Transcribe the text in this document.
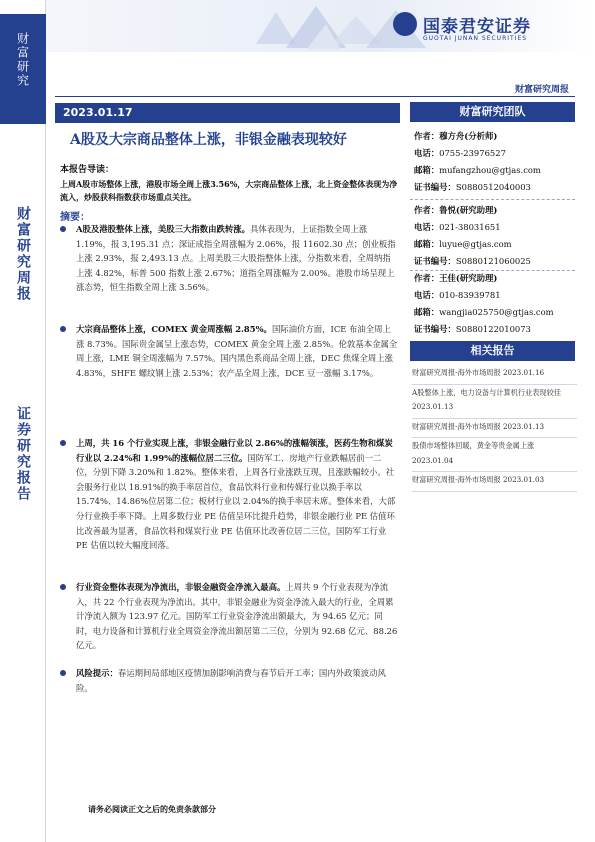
财富研究
财富研究周报
证券研究报告
国泰君安证券
GUOTAI JUNAN SECURITIES
财富研究周报
2023.01.17
A股及大宗商品整体上涨，非银金融表现较好
本报告导读：
上周A股市场整体上涨，港股市场全周上涨3.56%，大宗商品整体上涨，北上资金整体表现为净流入，炒股获科指数获市场重点关注。
摘要：
A股及港股整体上涨，美股三大指数由跌转涨。具体表现为，上证指数全周上涨 1.19%，报 3,195.31 点；深证成指全周涨幅为 2.06%，报 11602.30 点；创业板指上涨 2.93%，报 2,493.13 点。上周美股三大股指整体上涨，分指数来看，全周纳指上涨 4.82%，标普 500 指数上涨 2.67%；道指全周涨幅为 2.00%。港股市场呈现上涨态势，恒生指数全周上涨 3.56%。
大宗商品整体上涨，COMEX 黄金周涨幅 2.85%。国际油价方面，ICE 布油全周上涨 8.73%。国际贵金属呈上涨态势，COMEX 黄金全周上涨 2.85%。伦敦基本金属全周上涨，LME 铜全周涨幅为 7.57%。国内黑色系商品全周上涨，DEC 焦煤全周上涨 4.83%，SHFE 螺纹钢上涨 2.53%；农产品全周上涨，DCE 豆一涨幅 3.17%。
上周，共 16 个行业实现上涨，非银金融行业以 2.86%的涨幅领涨，医药生物和煤炭行业以 2.24%和 1.99%的涨幅位居二三位。国防军工、房地产行业跌幅居前一二位，分别下降 3.20%和 1.82%。整体来看，上周各行业涨跌互现，且涨跌幅较小。社会服务行业以 18.91%的换手率居首位，食品饮料行业和传媒行业以换手率以 15.74%、14.86%位居第二位；板材行业以 2.04%的换手率居末席。整体来看，大部分行业换手率下降。上周多数行业 PE 估值呈环比提升趋势，非银金融行业 PE 估值环比改善最为显著，食品饮料和煤炭行业 PE 估值环比改善位居二三位，国防军工行业 PE 估值以较大幅度回落。
行业资金整体表现为净流出，非银金融资金净流入最高。上周共 9 个行业表现为净流入，共 22 个行业表现为净流出。其中，非银金融业为资金净流入最大的行业，全周累计净流入额为 123.97 亿元。国防军工行业资金净流出额最大，为 94.65 亿元；同时，电力设备和计算机行业全周资金净流出额居第二三位，分别为 92.68 亿元、88.26 亿元。
风险提示：春运期间局部地区疫情加剧影响消费与春节后开工率；国内外政策波动风险。
财富研究团队
作者：穆方舟(分析师)
电话：0755-23976527
邮箱：mufangzhou@gtjas.com
证书编号：S0880512040003
作者：鲁悦(研究助理)
电话：021-38031651
邮箱：luyue@gtjas.com
证书编号：S0880121060025
作者：王佳(研究助理)
电话：010-83939781
邮箱：wangjia025750@gtjas.com
证书编号：S0880122010073
相关报告
财富研究周报-海外市场周报 2023.01.16
A股整体上涨，电力设备与计算机行业表现较佳 2023.01.13
财富研究周报-海外市场周报 2023.01.13
股债市场整体回暖，黄金等贵金属上涨 2023.01.04
财富研究周报-海外市场周报 2023.01.03
请务必阅读正文之后的免责条款部分
